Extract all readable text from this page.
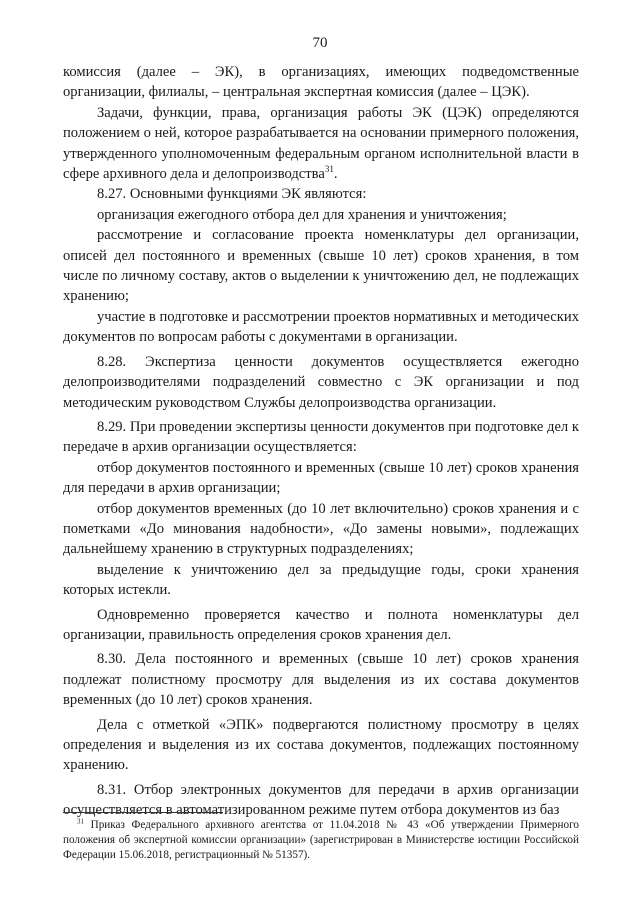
70

комиссия (далее – ЭК), в организациях, имеющих подведомственные организации, филиалы, – центральная экспертная комиссия (далее – ЦЭК).

Задачи, функции, права, организация работы ЭК (ЦЭК) определяются положением о ней, которое разрабатывается на основании примерного положения, утвержденного уполномоченным федеральным органом исполнительной власти в сфере архивного дела и делопроизводства$^{31}$.

8.27. Основными функциями ЭК являются:

организация ежегодного отбора дел для хранения и уничтожения;

рассмотрение и согласование проекта номенклатуры дел организации, описей дел постоянного и временных (свыше 10 лет) сроков хранения, в том числе по личному составу, актов о выделении к уничтожению дел, не подлежащих хранению;

участие в подготовке и рассмотрении проектов нормативных и методических документов по вопросам работы с документами в организации.

8.28. Экспертиза ценности документов осуществляется ежегодно делопроизводителями подразделений совместно с ЭК организации и под методическим руководством Службы делопроизводства организации.

8.29. При проведении экспертизы ценности документов при подготовке дел к передаче в архив организации осуществляется:

отбор документов постоянного и временных (свыше 10 лет) сроков хранения для передачи в архив организации;

отбор документов временных (до 10 лет включительно) сроков хранения и с пометками «До минования надобности», «До замены новыми», подлежащих дальнейшему хранению в структурных подразделениях;

выделение к уничтожению дел за предыдущие годы, сроки хранения которых истекли.

Одновременно проверяется качество и полнота номенклатуры дел организации, правильность определения сроков хранения дел.

8.30. Дела постоянного и временных (свыше 10 лет) сроков хранения подлежат полистному просмотру для выделения из их состава документов временных (до 10 лет) сроков хранения.

Дела с отметкой «ЭПК» подвергаются полистному просмотру в целях определения и выделения из их состава документов, подлежащих постоянному хранению.

8.31. Отбор электронных документов для передачи в архив организации осуществляется в автоматизированном режиме путем отбора документов из баз

$^{31}$ Приказ Федерального архивного агентства от 11.04.2018 № 43 «Об утверждении Примерного положения об экспертной комиссии организации» (зарегистрирован в Министерстве юстиции Российской Федерации 15.06.2018, регистрационный № 51357).
